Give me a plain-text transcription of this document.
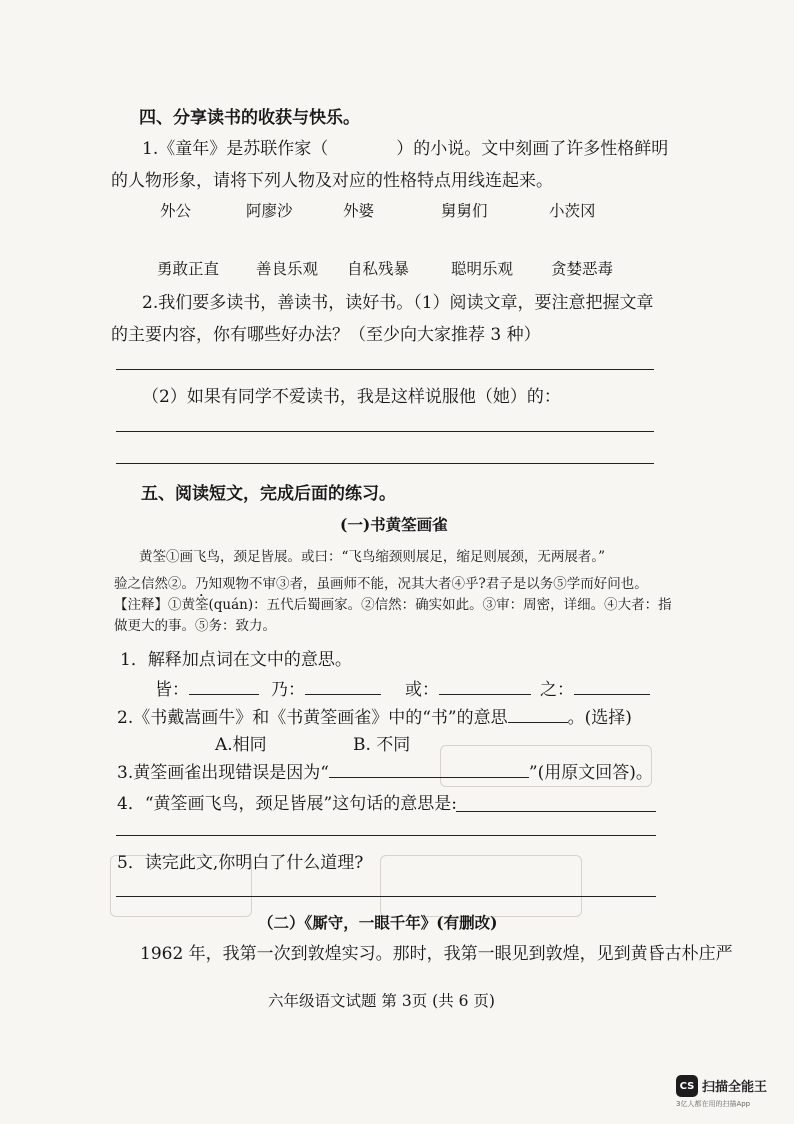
四、分享读书的收获与快乐。
1.《童年》是苏联作家（	）的小说。文中刻画了许多性格鲜明
的人物形象，请将下列人物及对应的性格特点用线连起来。
外公	阿廖沙	外婆	舅舅们	小茨冈
勇敢正直 善良乐观 自私残暴	聪明乐观 贪婪恶毒
2.我们要多读书，善读书，读好书。（1）阅读文章，要注意把握文章
的主要内容，你有哪些好办法？（至少向大家推荐 3 种）
（2）如果有同学不爱读书，我是这样说服他（她）的：
五、阅读短文，完成后面的练习。
(一)书黄筌画雀
黄筌①画飞鸟，颈足皆展。或曰：“飞鸟缩颈则展足，缩足则展颈，无两展者。”
验之信然②。乃知观物不审③者，虽画师不能，况其大者④乎?君子是以务⑤学而好问也。
【注释】①黄筌(quán)：五代后蜀画家。②信然：确实如此。③审：周密，详细。④大者：指
做更大的事。⑤务：致力。
1．解释加点词在文中的意思。
皆：	乃：	或：	之：
2.《书戴嵩画牛》和《书黄筌画雀》中的“书”的意思	。(选择)
A.相同	B. 不同
3.黄筌画雀出现错误是因为“	”(用原文回答)。
4．“黄筌画飞鸟，颈足皆展”这句话的意思是:
5．读完此文,你明白了什么道理?
（二）《厮守，一眼千年》(有删改)
1962 年，我第一次到敦煌实习。那时，我第一眼见到敦煌，见到黄昏古朴庄严
六年级语文试题 第 3页 (共 6 页)
CS 扫描全能王
3亿人都在用的扫描App
